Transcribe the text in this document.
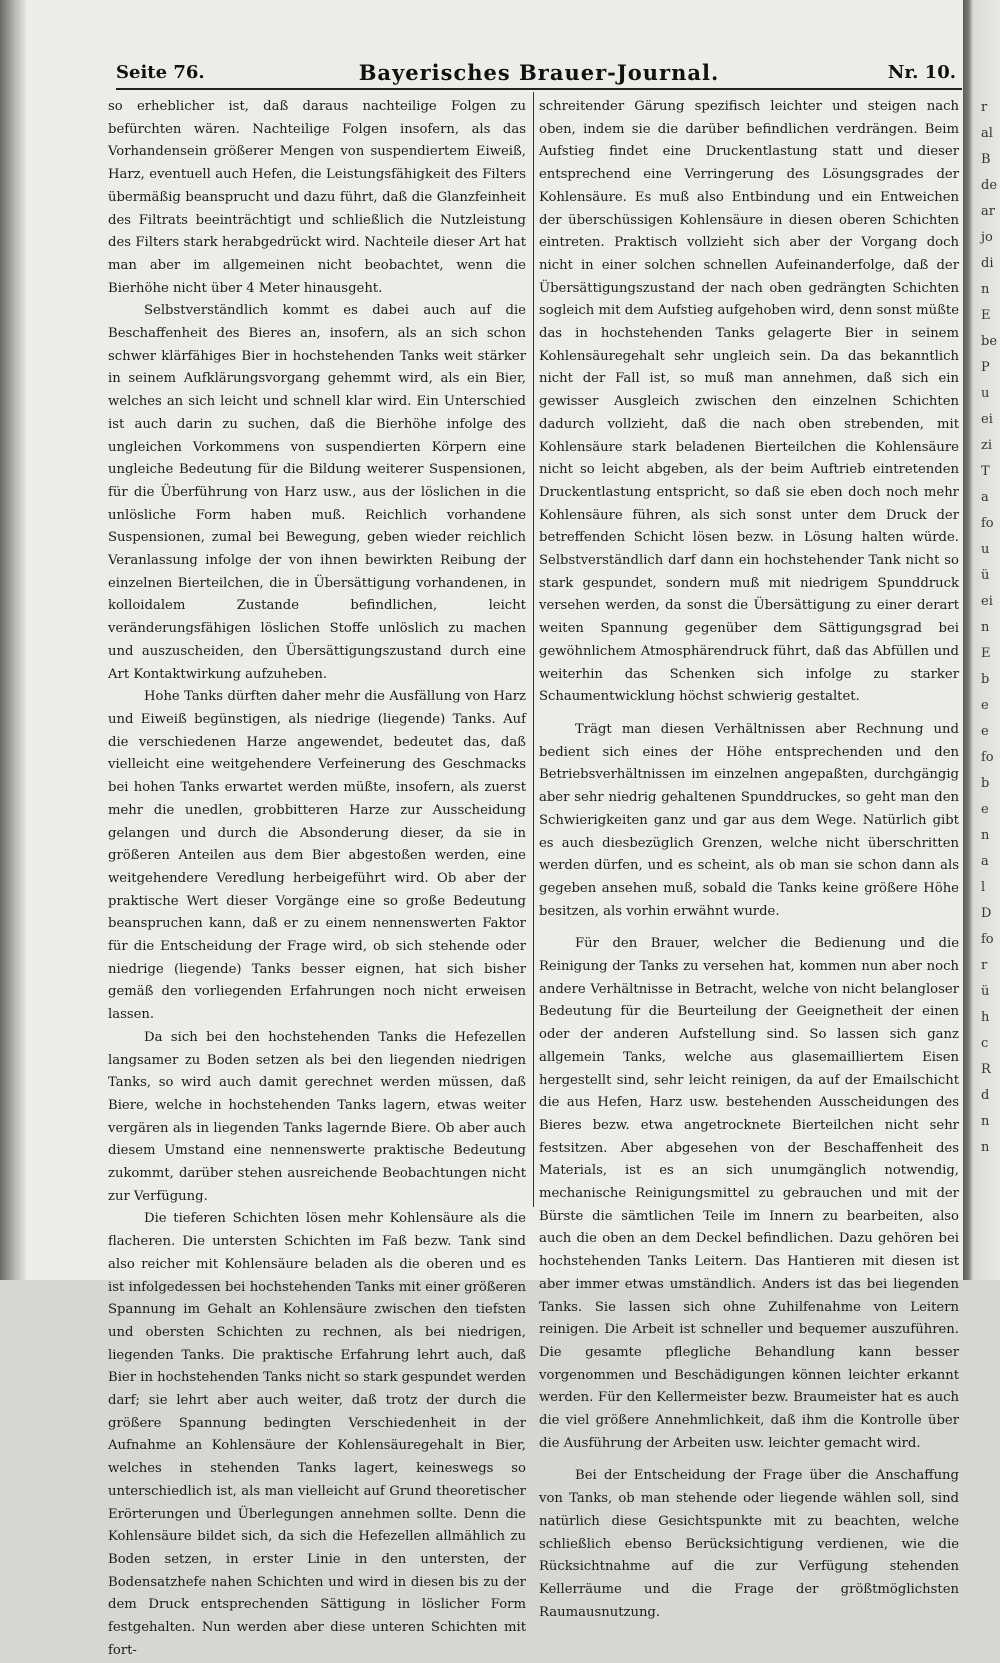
Seite 76.	Bayerisches Brauer-Journal.	Nr. 10.

so erheblicher ist, daß daraus nachteilige Folgen zu befürchten wären. Nachteilige Folgen insofern, als das Vorhandensein größerer Mengen von suspendiertem Eiweiß, Harz, eventuell auch Hefen, die Leistungsfähigkeit des Filters übermäßig beansprucht und dazu führt, daß die Glanzfeinheit des Filtrats beeinträchtigt und schließlich die Nutzleistung des Filters stark herabgedrückt wird. Nachteile dieser Art hat man aber im allgemeinen nicht beobachtet, wenn die Bierhöhe nicht über 4 Meter hinausgeht.

Selbstverständlich kommt es dabei auch auf die Beschaffenheit des Bieres an, insofern, als an sich schon schwer klärfähiges Bier in hochstehenden Tanks weit stärker in seinem Aufklärungsvorgang gehemmt wird, als ein Bier, welches an sich leicht und schnell klar wird. Ein Unterschied ist auch darin zu suchen, daß die Bierhöhe infolge des ungleichen Vorkommens von suspendierten Körpern eine ungleiche Bedeutung für die Bildung weiterer Suspensionen, für die Überführung von Harz usw., aus der löslichen in die unlösliche Form haben muß. Reichlich vorhandene Suspensionen, zumal bei Bewegung, geben wieder reichlich Veranlassung infolge der von ihnen bewirkten Reibung der einzelnen Bierteilchen, die in Übersättigung vorhandenen, in kolloidalem Zustande befindlichen, leicht veränderungsfähigen löslichen Stoffe unlöslich zu machen und auszuscheiden, den Übersättigungszustand durch eine Art Kontaktwirkung aufzuheben.

Hohe Tanks dürften daher mehr die Ausfällung von Harz und Eiweiß begünstigen, als niedrige (liegende) Tanks. Auf die verschiedenen Harze angewendet, bedeutet das, daß vielleicht eine weitgehendere Verfeinerung des Geschmacks bei hohen Tanks erwartet werden müßte, insofern, als zuerst mehr die unedlen, grobbitteren Harze zur Ausscheidung gelangen und durch die Absonderung dieser, da sie in größeren Anteilen aus dem Bier abgestoßen werden, eine weitgehendere Veredlung herbeigeführt wird. Ob aber der praktische Wert dieser Vorgänge eine so große Bedeutung beanspruchen kann, daß er zu einem nennenswerten Faktor für die Entscheidung der Frage wird, ob sich stehende oder niedrige (liegende) Tanks besser eignen, hat sich bisher gemäß den vorliegenden Erfahrungen noch nicht erweisen lassen.

Da sich bei den hochstehenden Tanks die Hefezellen langsamer zu Boden setzen als bei den liegenden niedrigen Tanks, so wird auch damit gerechnet werden müssen, daß Biere, welche in hochstehenden Tanks lagern, etwas weiter vergären als in liegenden Tanks lagernde Biere. Ob aber auch diesem Umstand eine nennenswerte praktische Bedeutung zukommt, darüber stehen ausreichende Beobachtungen nicht zur Verfügung.

Die tieferen Schichten lösen mehr Kohlensäure als die flacheren. Die untersten Schichten im Faß bezw. Tank sind also reicher mit Kohlensäure beladen als die oberen und es ist infolgedessen bei hochstehenden Tanks mit einer größeren Spannung im Gehalt an Kohlensäure zwischen den tiefsten und obersten Schichten zu rechnen, als bei niedrigen, liegenden Tanks. Die praktische Erfahrung lehrt auch, daß Bier in hochstehenden Tanks nicht so stark gespundet werden darf; sie lehrt aber auch weiter, daß trotz der durch die größere Spannung bedingten Verschiedenheit in der Aufnahme an Kohlensäure der Kohlensäuregehalt in Bier, welches in stehenden Tanks lagert, keineswegs so unterschiedlich ist, als man vielleicht auf Grund theoretischer Erörterungen und Überlegungen annehmen sollte. Denn die Kohlensäure bildet sich, da sich die Hefezellen allmählich zu Boden setzen, in erster Linie in den untersten, der Bodensatzhefe nahen Schichten und wird in diesen bis zu der dem Druck entsprechenden Sättigung in löslicher Form festgehalten. Nun werden aber diese unteren Schichten mit fort-

schreitender Gärung spezifisch leichter und steigen nach oben, indem sie die darüber befindlichen verdrängen. Beim Aufstieg findet eine Druckentlastung statt und dieser entsprechend eine Verringerung des Lösungsgrades der Kohlensäure. Es muß also Entbindung und ein Entweichen der überschüssigen Kohlensäure in diesen oberen Schichten eintreten. Praktisch vollzieht sich aber der Vorgang doch nicht in einer solchen schnellen Aufeinanderfolge, daß der Übersättigungszustand der nach oben gedrängten Schichten sogleich mit dem Aufstieg aufgehoben wird, denn sonst müßte das in hochstehenden Tanks gelagerte Bier in seinem Kohlensäuregehalt sehr ungleich sein. Da das bekanntlich nicht der Fall ist, so muß man annehmen, daß sich ein gewisser Ausgleich zwischen den einzelnen Schichten dadurch vollzieht, daß die nach oben strebenden, mit Kohlensäure stark beladenen Bierteilchen die Kohlensäure nicht so leicht abgeben, als der beim Auftrieb eintretenden Druckentlastung entspricht, so daß sie eben doch noch mehr Kohlensäure führen, als sich sonst unter dem Druck der betreffenden Schicht lösen bezw. in Lösung halten würde. Selbstverständlich darf dann ein hochstehender Tank nicht so stark gespundet, sondern muß mit niedrigem Spunddruck versehen werden, da sonst die Übersättigung zu einer derart weiten Spannung gegenüber dem Sättigungsgrad bei gewöhnlichem Atmosphärendruck führt, daß das Abfüllen und weiterhin das Schenken sich infolge zu starker Schaumentwicklung höchst schwierig gestaltet.

Trägt man diesen Verhältnissen aber Rechnung und bedient sich eines der Höhe entsprechenden und den Betriebsverhältnissen im einzelnen angepaßten, durchgängig aber sehr niedrig gehaltenen Spunddruckes, so geht man den Schwierigkeiten ganz und gar aus dem Wege. Natürlich gibt es auch diesbezüglich Grenzen, welche nicht überschritten werden dürfen, und es scheint, als ob man sie schon dann als gegeben ansehen muß, sobald die Tanks keine größere Höhe besitzen, als vorhin erwähnt wurde.

Für den Brauer, welcher die Bedienung und die Reinigung der Tanks zu versehen hat, kommen nun aber noch andere Verhältnisse in Betracht, welche von nicht belangloser Bedeutung für die Beurteilung der Geeignetheit der einen oder der anderen Aufstellung sind. So lassen sich ganz allgemein Tanks, welche aus glasemailliertem Eisen hergestellt sind, sehr leicht reinigen, da auf der Emailschicht die aus Hefen, Harz usw. bestehenden Ausscheidungen des Bieres bezw. etwa angetrocknete Bierteilchen nicht sehr festsitzen. Aber abgesehen von der Beschaffenheit des Materials, ist es an sich unumgänglich notwendig, mechanische Reinigungsmittel zu gebrauchen und mit der Bürste die sämtlichen Teile im Innern zu bearbeiten, also auch die oben an dem Deckel befindlichen. Dazu gehören bei hochstehenden Tanks Leitern. Das Hantieren mit diesen ist aber immer etwas umständlich. Anders ist das bei liegenden Tanks. Sie lassen sich ohne Zuhilfenahme von Leitern reinigen. Die Arbeit ist schneller und bequemer auszuführen. Die gesamte pflegliche Behandlung kann besser vorgenommen und Beschädigungen können leichter erkannt werden. Für den Kellermeister bezw. Braumeister hat es auch die viel größere Annehmlichkeit, daß ihm die Kontrolle über die Ausführung der Arbeiten usw. leichter gemacht wird.

Bei der Entscheidung der Frage über die Anschaffung von Tanks, ob man stehende oder liegende wählen soll, sind natürlich diese Gesichtspunkte mit zu beachten, welche schließlich ebenso Berücksichtigung verdienen, wie die Rücksichtnahme auf die zur Verfügung stehenden Kellerräume und die Frage der größtmöglichsten Raumausnutzung.

r
al
B
de
ar
jo
di
n
E
be
P
u
ei
zi
T
a
fo
u
ü
ei
n
E
b
e
e
fo
b
e
n
a
l
D
fo
r
ü
h
c
R
d
n
n
